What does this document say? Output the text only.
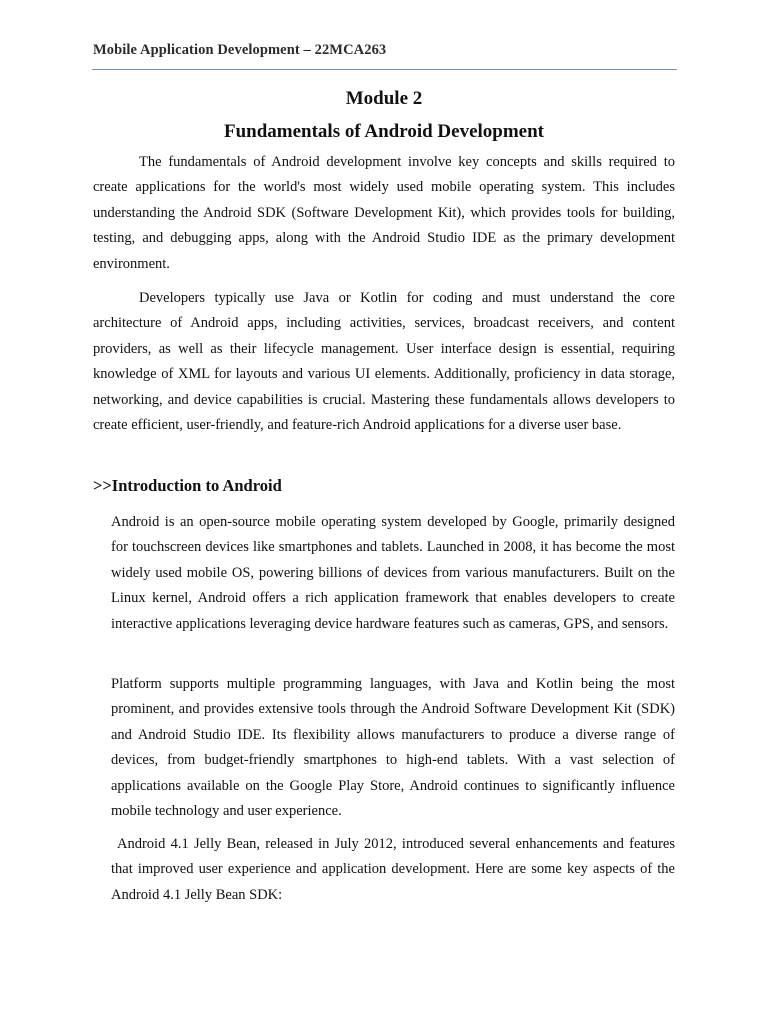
Mobile Application Development – 22MCA263
Module 2
Fundamentals of Android Development

The fundamentals of Android development involve key concepts and skills required to create applications for the world's most widely used mobile operating system. This includes understanding the Android SDK (Software Development Kit), which provides tools for building, testing, and debugging apps, along with the Android Studio IDE as the primary development environment.

Developers typically use Java or Kotlin for coding and must understand the core architecture of Android apps, including activities, services, broadcast receivers, and content providers, as well as their lifecycle management. User interface design is essential, requiring knowledge of XML for layouts and various UI elements. Additionally, proficiency in data storage, networking, and device capabilities is crucial. Mastering these fundamentals allows developers to create efficient, user-friendly, and feature-rich Android applications for a diverse user base.

>>Introduction to Android

Android is an open-source mobile operating system developed by Google, primarily designed for touchscreen devices like smartphones and tablets. Launched in 2008, it has become the most widely used mobile OS, powering billions of devices from various manufacturers. Built on the Linux kernel, Android offers a rich application framework that enables developers to create interactive applications leveraging device hardware features such as cameras, GPS, and sensors.

Platform supports multiple programming languages, with Java and Kotlin being the most prominent, and provides extensive tools through the Android Software Development Kit (SDK) and Android Studio IDE. Its flexibility allows manufacturers to produce a diverse range of devices, from budget-friendly smartphones to high-end tablets. With a vast selection of applications available on the Google Play Store, Android continues to significantly influence mobile technology and user experience.

Android 4.1 Jelly Bean, released in July 2012, introduced several enhancements and features that improved user experience and application development. Here are some key aspects of the Android 4.1 Jelly Bean SDK:
